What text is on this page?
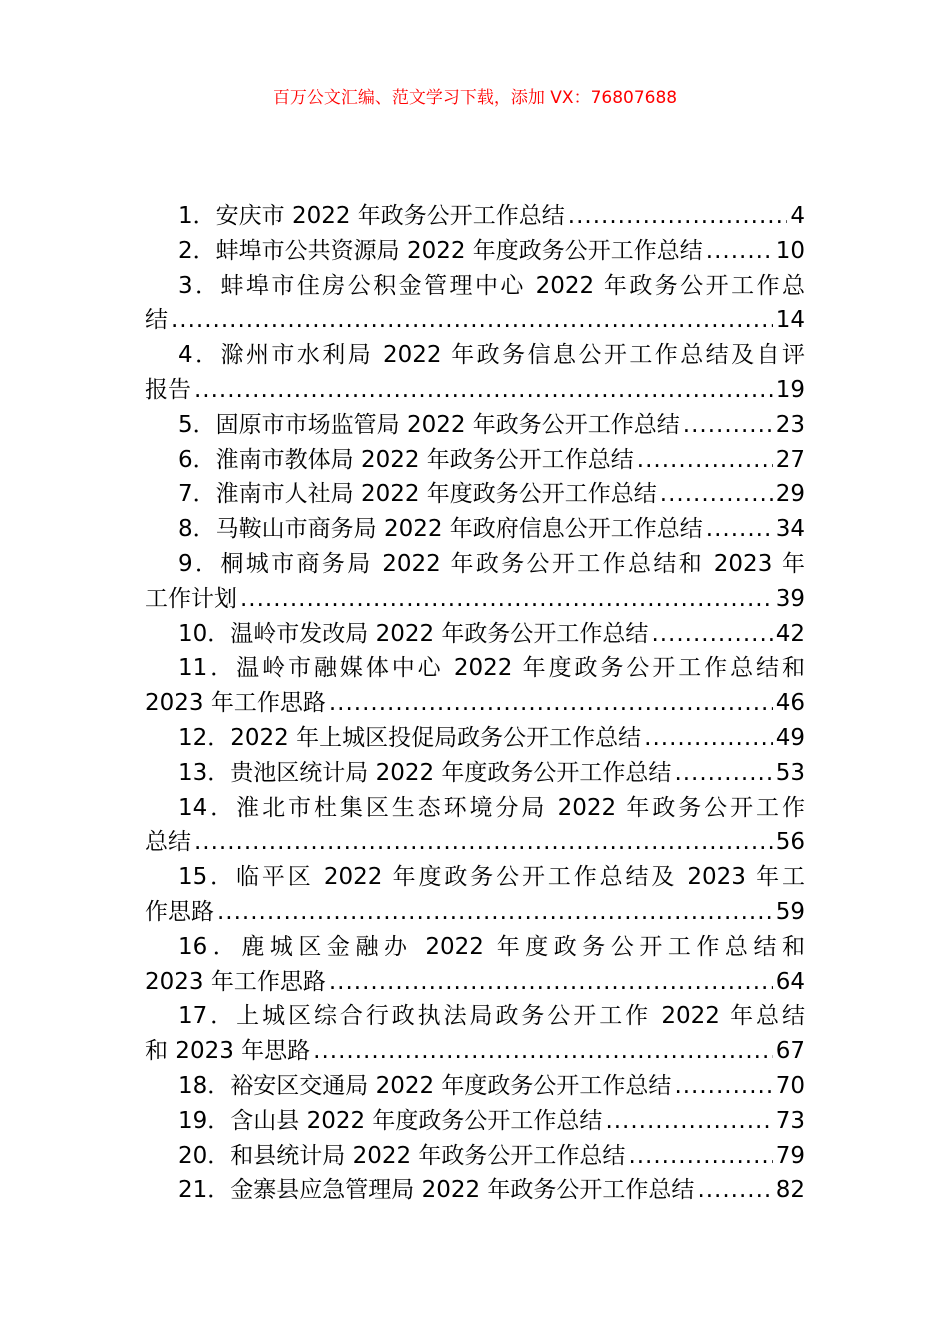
百万公文汇编、范文学习下载，添加 VX：76807688
1．安庆市 2022 年政务公开工作总结 .....	4
2．蚌埠市公共资源局 2022 年度政务公开工作总结 .....	10
3．蚌埠市住房公积金管理中心 2022 年政务公开工作总
结 .....	14
4．滁州市水利局 2022 年政务信息公开工作总结及自评
报告 .....	19
5．固原市市场监管局 2022 年政务公开工作总结 .....	23
6．淮南市教体局 2022 年政务公开工作总结 .....	27
7．淮南市人社局 2022 年度政务公开工作总结 .....	29
8．马鞍山市商务局 2022 年政府信息公开工作总结 .....	34
9．桐城市商务局 2022 年政务公开工作总结和 2023 年
工作计划 .....	39
10．温岭市发改局 2022 年政务公开工作总结 .....	42
11．温岭市融媒体中心 2022 年度政务公开工作总结和
2023 年工作思路 .....	46
12．2022 年上城区投促局政务公开工作总结 .....	49
13．贵池区统计局 2022 年度政务公开工作总结 .....	53
14．淮北市杜集区生态环境分局 2022 年政务公开工作
总结 .....	56
15．临平区 2022 年度政务公开工作总结及 2023 年工
作思路 .....	59
16．鹿城区金融办 2022 年度政务公开工作总结和
2023 年工作思路 .....	64
17．上城区综合行政执法局政务公开工作 2022 年总结
和 2023 年思路 .....	67
18．裕安区交通局 2022 年度政务公开工作总结 .....	70
19．含山县 2022 年度政务公开工作总结 .....	73
20．和县统计局 2022 年政务公开工作总结 .....	79
21．金寨县应急管理局 2022 年政务公开工作总结 .....	82
